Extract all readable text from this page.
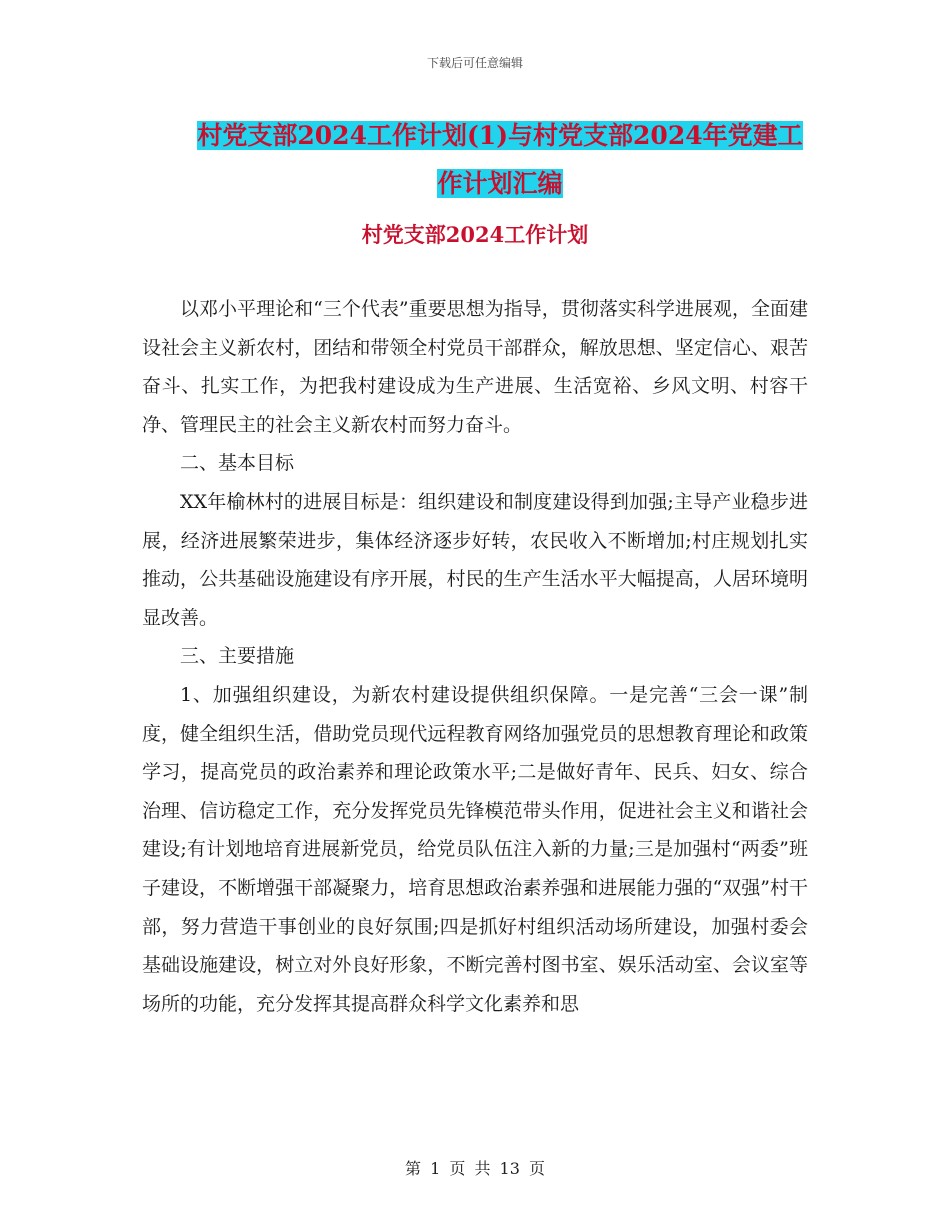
下载后可任意编辑
村党支部2024工作计划(1)与村党支部2024年党建工
作计划汇编
村党支部2024工作计划

以邓小平理论和“三个代表”重要思想为指导，贯彻落实科学进展观，全面建设社会主义新农村，团结和带领全村党员干部群众，解放思想、坚定信心、艰苦奋斗、扎实工作，为把我村建设成为生产进展、生活宽裕、乡风文明、村容干净、管理民主的社会主义新农村而努力奋斗。

二、基本目标

XX年榆林村的进展目标是：组织建设和制度建设得到加强;主导产业稳步进展，经济进展繁荣进步，集体经济逐步好转，农民收入不断增加;村庄规划扎实推动，公共基础设施建设有序开展，村民的生产生活水平大幅提高，人居环境明显改善。

三、主要措施

1、加强组织建设，为新农村建设提供组织保障。一是完善“三会一课”制度，健全组织生活，借助党员现代远程教育网络加强党员的思想教育理论和政策学习，提高党员的政治素养和理论政策水平;二是做好青年、民兵、妇女、综合治理、信访稳定工作，充分发挥党员先锋模范带头作用，促进社会主义和谐社会建设;有计划地培育进展新党员，给党员队伍注入新的力量;三是加强村“两委”班子建设，不断增强干部凝聚力，培育思想政治素养强和进展能力强的“双强”村干部，努力营造干事创业的良好氛围;四是抓好村组织活动场所建设，加强村委会基础设施建设，树立对外良好形象，不断完善村图书室、娱乐活动室、会议室等场所的功能，充分发挥其提高群众科学文化素养和思

第 1 页 共 13 页
